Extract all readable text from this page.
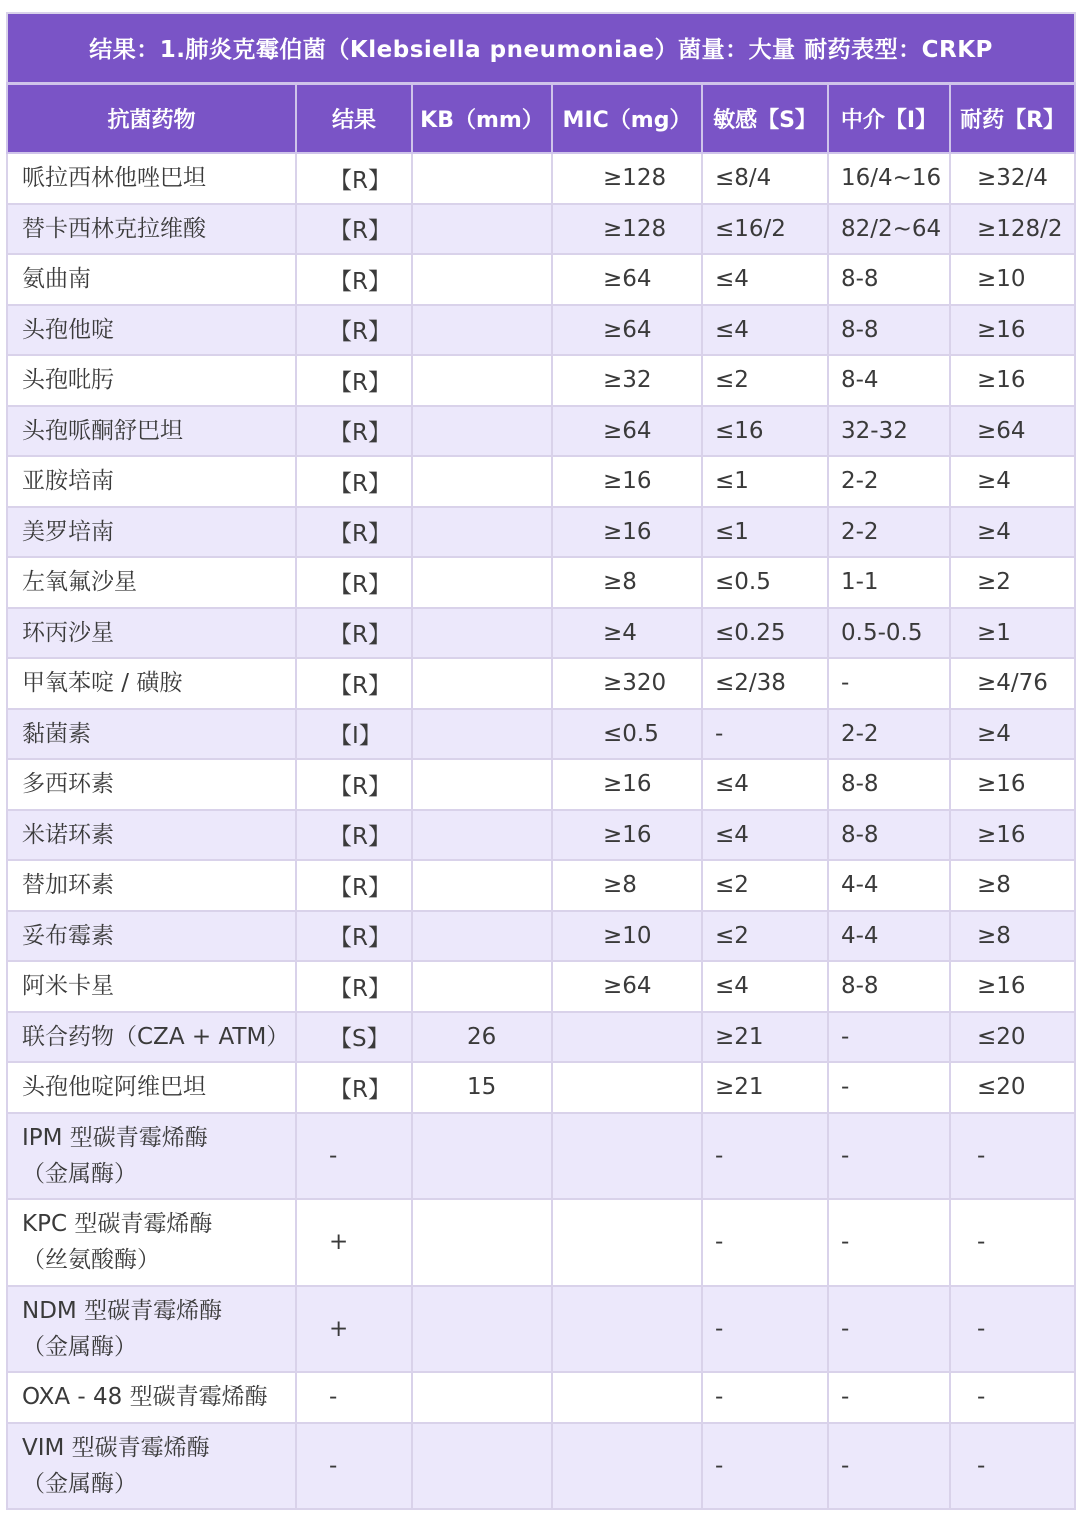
结果：1.肺炎克霉伯菌（Klebsiella pneumoniae）菌量：大量 耐药表型：CRKP						
抗菌药物	结果	KB（mm）	MIC（mg）	敏感【S】	中介【I】	耐药【R】
哌拉西林他唑巴坦	【R】		≥128	≤8/4	16/4~16	≥32/4
替卡西林克拉维酸	【R】		≥128	≤16/2	82/2~64	≥128/2
氨曲南	【R】		≥64	≤4	8-8	≥10
头孢他啶	【R】		≥64	≤4	8-8	≥16
头孢吡肟	【R】		≥32	≤2	8-4	≥16
头孢哌酮舒巴坦	【R】		≥64	≤16	32-32	≥64
亚胺培南	【R】		≥16	≤1	2-2	≥4
美罗培南	【R】		≥16	≤1	2-2	≥4
左氧氟沙星	【R】		≥8	≤0.5	1-1	≥2
环丙沙星	【R】		≥4	≤0.25	0.5-0.5	≥1
甲氧苯啶 / 磺胺	【R】		≥320	≤2/38	-	≥4/76
黏菌素	【I】		≤0.5	-	2-2	≥4
多西环素	【R】		≥16	≤4	8-8	≥16
米诺环素	【R】		≥16	≤4	8-8	≥16
替加环素	【R】		≥8	≤2	4-4	≥8
妥布霉素	【R】		≥10	≤2	4-4	≥8
阿米卡星	【R】		≥64	≤4	8-8	≥16
联合药物（CZA + ATM）	【S】	26		≥21	-	≤20
头孢他啶阿维巴坦	【R】	15		≥21	-	≤20
IPM 型碳青霉烯酶
（金属酶）	-			-	-	-
KPC 型碳青霉烯酶
（丝氨酸酶）	+			-	-	-
NDM 型碳青霉烯酶
（金属酶）	+			-	-	-
OXA - 48 型碳青霉烯酶	-			-	-	-
VIM 型碳青霉烯酶
（金属酶）	-			-	-	-
